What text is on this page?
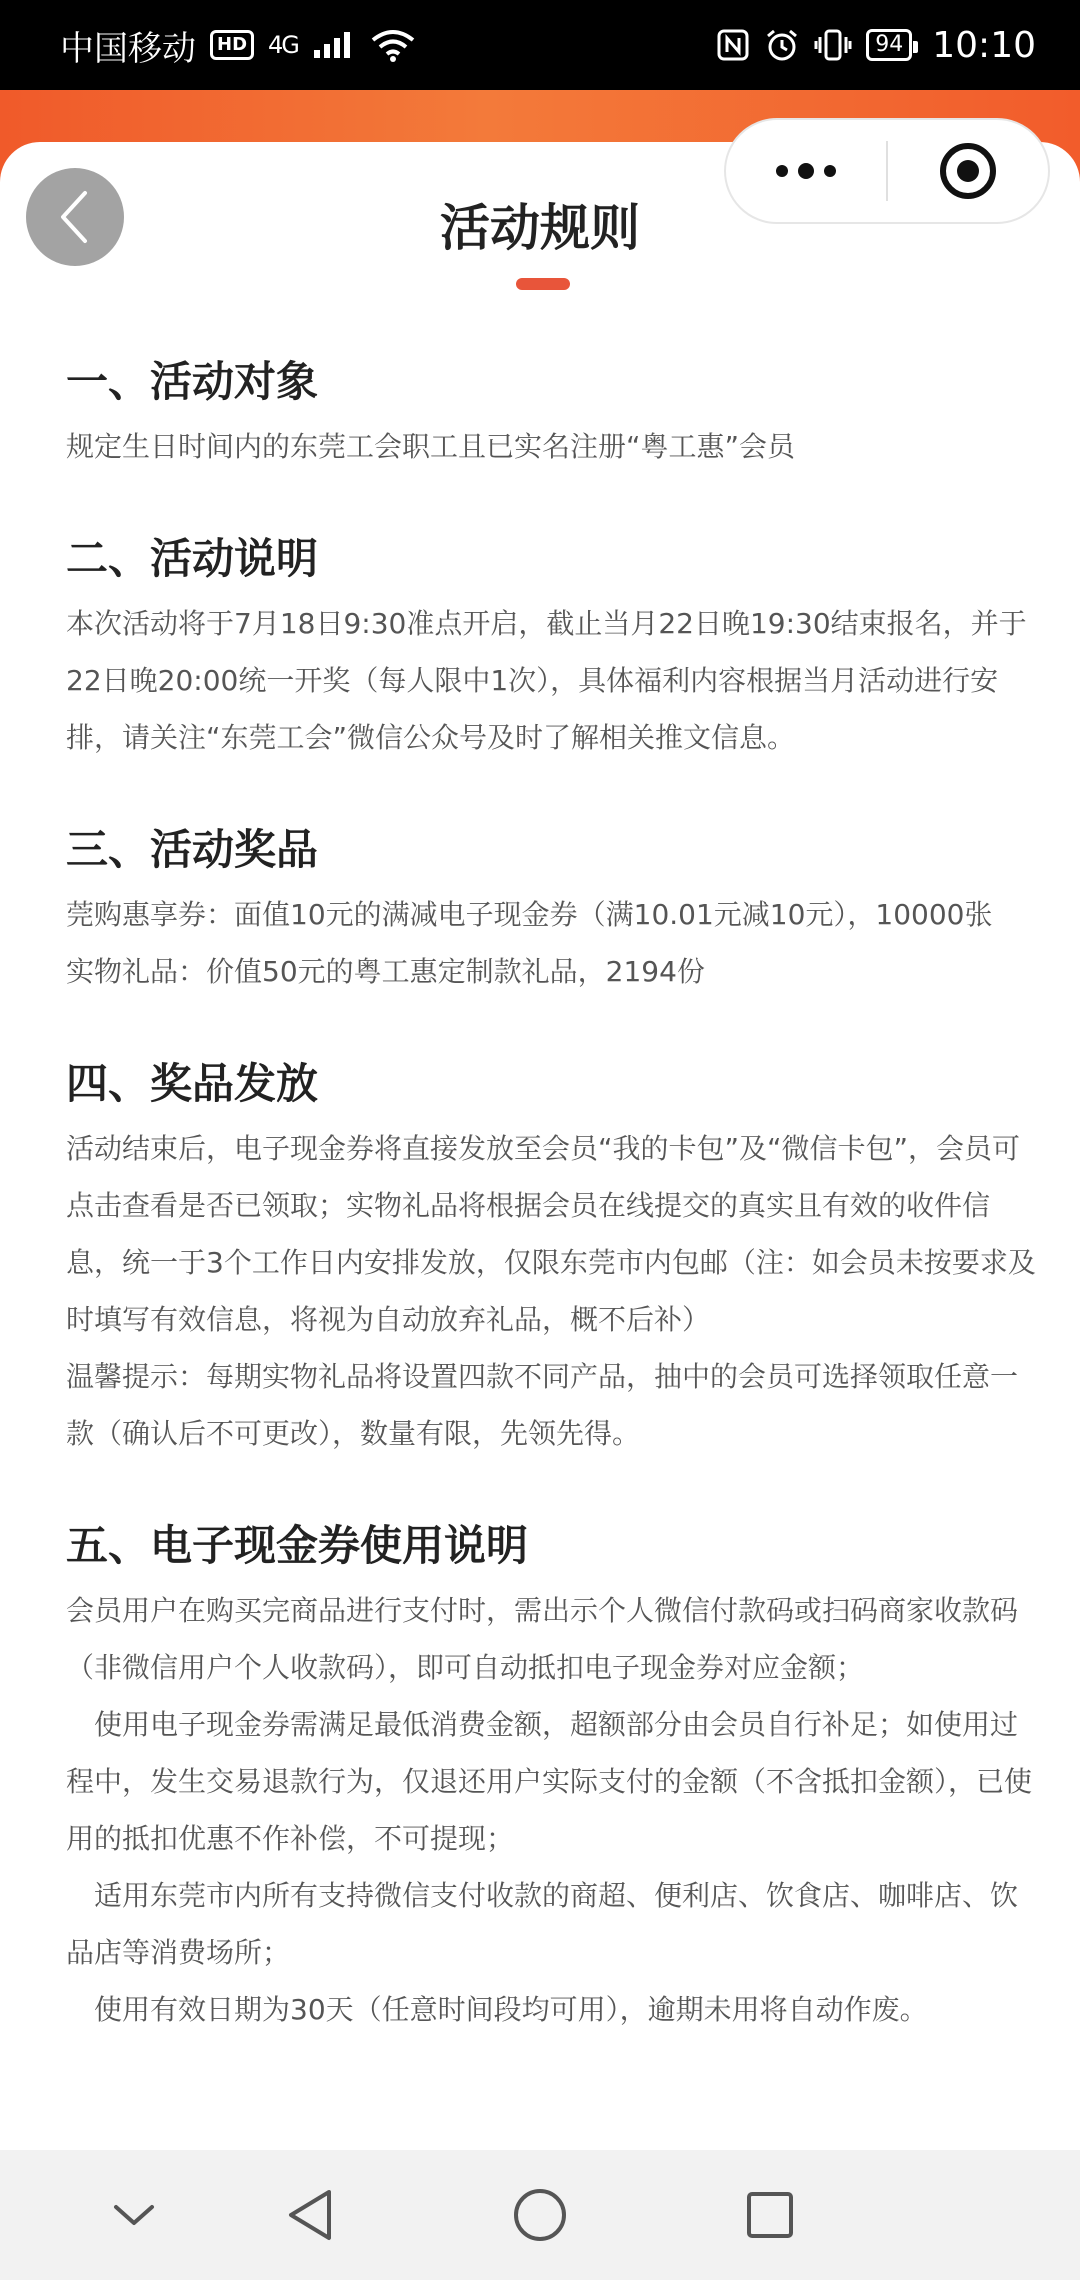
中国移动	HD 4G	94 10:10
活动规则
一、活动对象
规定生日时间内的东莞工会职工且已实名注册“粤工惠”会员
二、活动说明
本次活动将于7月18日9:30准点开启，截止当月22日晚19:30结束报名，并于22日晚20:00统一开奖（每人限中1次），具体福利内容根据当月活动进行安排，请关注“东莞工会”微信公众号及时了解相关推文信息。
三、活动奖品
莞购惠享券：面值10元的满减电子现金券（满10.01元减10元），10000张
实物礼品：价值50元的粤工惠定制款礼品，2194份
四、奖品发放
活动结束后，电子现金券将直接发放至会员“我的卡包”及“微信卡包”，会员可点击查看是否已领取；实物礼品将根据会员在线提交的真实且有效的收件信息，统一于3个工作日内安排发放，仅限东莞市内包邮（注：如会员未按要求及时填写有效信息，将视为自动放弃礼品，概不后补）
温馨提示：每期实物礼品将设置四款不同产品，抽中的会员可选择领取任意一款（确认后不可更改），数量有限，先领先得。
五、电子现金券使用说明
会员用户在购买完商品进行支付时，需出示个人微信付款码或扫码商家收款码（非微信用户个人收款码），即可自动抵扣电子现金券对应金额；
使用电子现金券需满足最低消费金额，超额部分由会员自行补足；如使用过程中，发生交易退款行为，仅退还用户实际支付的金额（不含抵扣金额），已使用的抵扣优惠不作补偿，不可提现；
适用东莞市内所有支持微信支付收款的商超、便利店、饮食店、咖啡店、饮品店等消费场所；
使用有效日期为30天（任意时间段均可用），逾期未用将自动作废。
